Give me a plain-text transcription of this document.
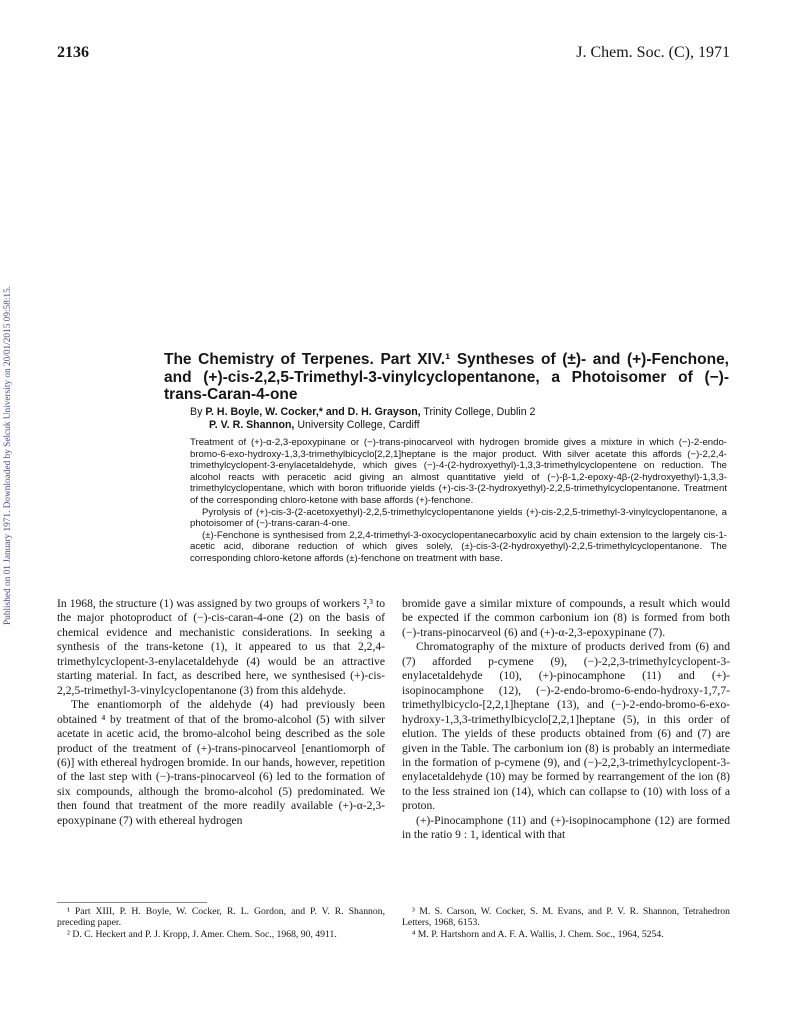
2136	J. Chem. Soc. (C), 1971
Published on 01 January 1971. Downloaded by Selcuk University on 20/01/2015 09:58:15.	The Chemistry of Terpenes. Part XIV.¹ Syntheses of (±)- and (+)-Fenchone, and (+)-cis-2,2,5-Trimethyl-3-vinylcyclopentanone, a Photoisomer of (−)-trans-Caran-4-one
By P. H. Boyle, W. Cocker,* and D. H. Grayson, Trinity College, Dublin 2
P. V. R. Shannon, University College, Cardiff

Treatment of (+)-α-2,3-epoxypinane or (−)-trans-pinocarveol with hydrogen bromide gives a mixture in which (−)-2-endo-bromo-6-exo-hydroxy-1,3,3-trimethylbicyclo[2,2,1]heptane is the major product. With silver acetate this affords (−)-2,2,4-trimethylcyclopent-3-enylacetaldehyde, which gives (−)-4-(2-hydroxyethyl)-1,3,3-trimethylcyclopentene on reduction. The alcohol reacts with peracetic acid giving an almost quantitative yield of (−)-β-1,2-epoxy-4β-(2-hydroxyethyl)-1,3,3-trimethylcyclopentane, which with boron trifluoride yields (+)-cis-3-(2-hydroxyethyl)-2,2,5-trimethylcyclopentanone. Treatment of the corresponding chloro-ketone with base affords (+)-fenchone.

Pyrolysis of (+)-cis-3-(2-acetoxyethyl)-2,2,5-trimethylcyclopentanone yields (+)-cis-2,2,5-trimethyl-3-vinylcyclopentanone, a photoisomer of (−)-trans-caran-4-one.

(±)-Fenchone is synthesised from 2,2,4-trimethyl-3-oxocyclopentanecarboxylic acid by chain extension to the largely cis-1-acetic acid, diborane reduction of which gives solely, (±)-cis-3-(2-hydroxyethyl)-2,2,5-trimethylcyclopentanone. The corresponding chloro-ketone affords (±)-fenchone on treatment with base.

In 1968, the structure (1) was assigned by two groups of workers ²,³ to the major photoproduct of (−)-cis-caran-4-one (2) on the basis of chemical evidence and mechanistic considerations. In seeking a synthesis of the trans-ketone (1), it appeared to us that 2,2,4-trimethylcyclopent-3-enylacetaldehyde (4) would be an attractive starting material. In fact, as described here, we synthesised (+)-cis-2,2,5-trimethyl-3-vinylcyclopentanone (3) from this aldehyde.

The enantiomorph of the aldehyde (4) had previously been obtained ⁴ by treatment of that of the bromo-alcohol (5) with silver acetate in acetic acid, the bromo-alcohol being described as the sole product of the treatment of (+)-trans-pinocarveol [enantiomorph of (6)] with ethereal hydrogen bromide. In our hands, however, repetition of the last step with (−)-trans-pinocarveol (6) led to the formation of six compounds, although the bromo-alcohol (5) predominated. We then found that treatment of the more readily available (+)-α-2,3-epoxypinane (7) with ethereal hydrogen

bromide gave a similar mixture of compounds, a result which would be expected if the common carbonium ion (8) is formed from both (−)-trans-pinocarveol (6) and (+)-α-2,3-epoxypinane (7).

Chromatography of the mixture of products derived from (6) and (7) afforded p-cymene (9), (−)-2,2,3-trimethylcyclopent-3-enylacetaldehyde (10), (+)-pinocamphone (11) and (+)-isopinocamphone (12), (−)-2-endo-bromo-6-endo-hydroxy-1,7,7-trimethylbicyclo-[2,2,1]heptane (13), and (−)-2-endo-bromo-6-exo-hydroxy-1,3,3-trimethylbicyclo[2,2,1]heptane (5), in this order of elution. The yields of these products obtained from (6) and (7) are given in the Table. The carbonium ion (8) is probably an intermediate in the formation of p-cymene (9), and (−)-2,2,3-trimethylcyclopent-3-enylacetaldehyde (10) may be formed by rearrangement of the ion (8) to the less strained ion (14), which can collapse to (10) with loss of a proton.

(+)-Pinocamphone (11) and (+)-isopinocamphone (12) are formed in the ratio 9 : 1, identical with that

¹ Part XIII, P. H. Boyle, W. Cocker, R. L. Gordon, and P. V. R. Shannon, preceding paper.

² D. C. Heckert and P. J. Kropp, J. Amer. Chem. Soc., 1968, 90, 4911.

³ M. S. Carson, W. Cocker, S. M. Evans, and P. V. R. Shannon, Tetrahedron Letters, 1968, 6153.

⁴ M. P. Hartshorn and A. F. A. Wallis, J. Chem. Soc., 1964, 5254.
